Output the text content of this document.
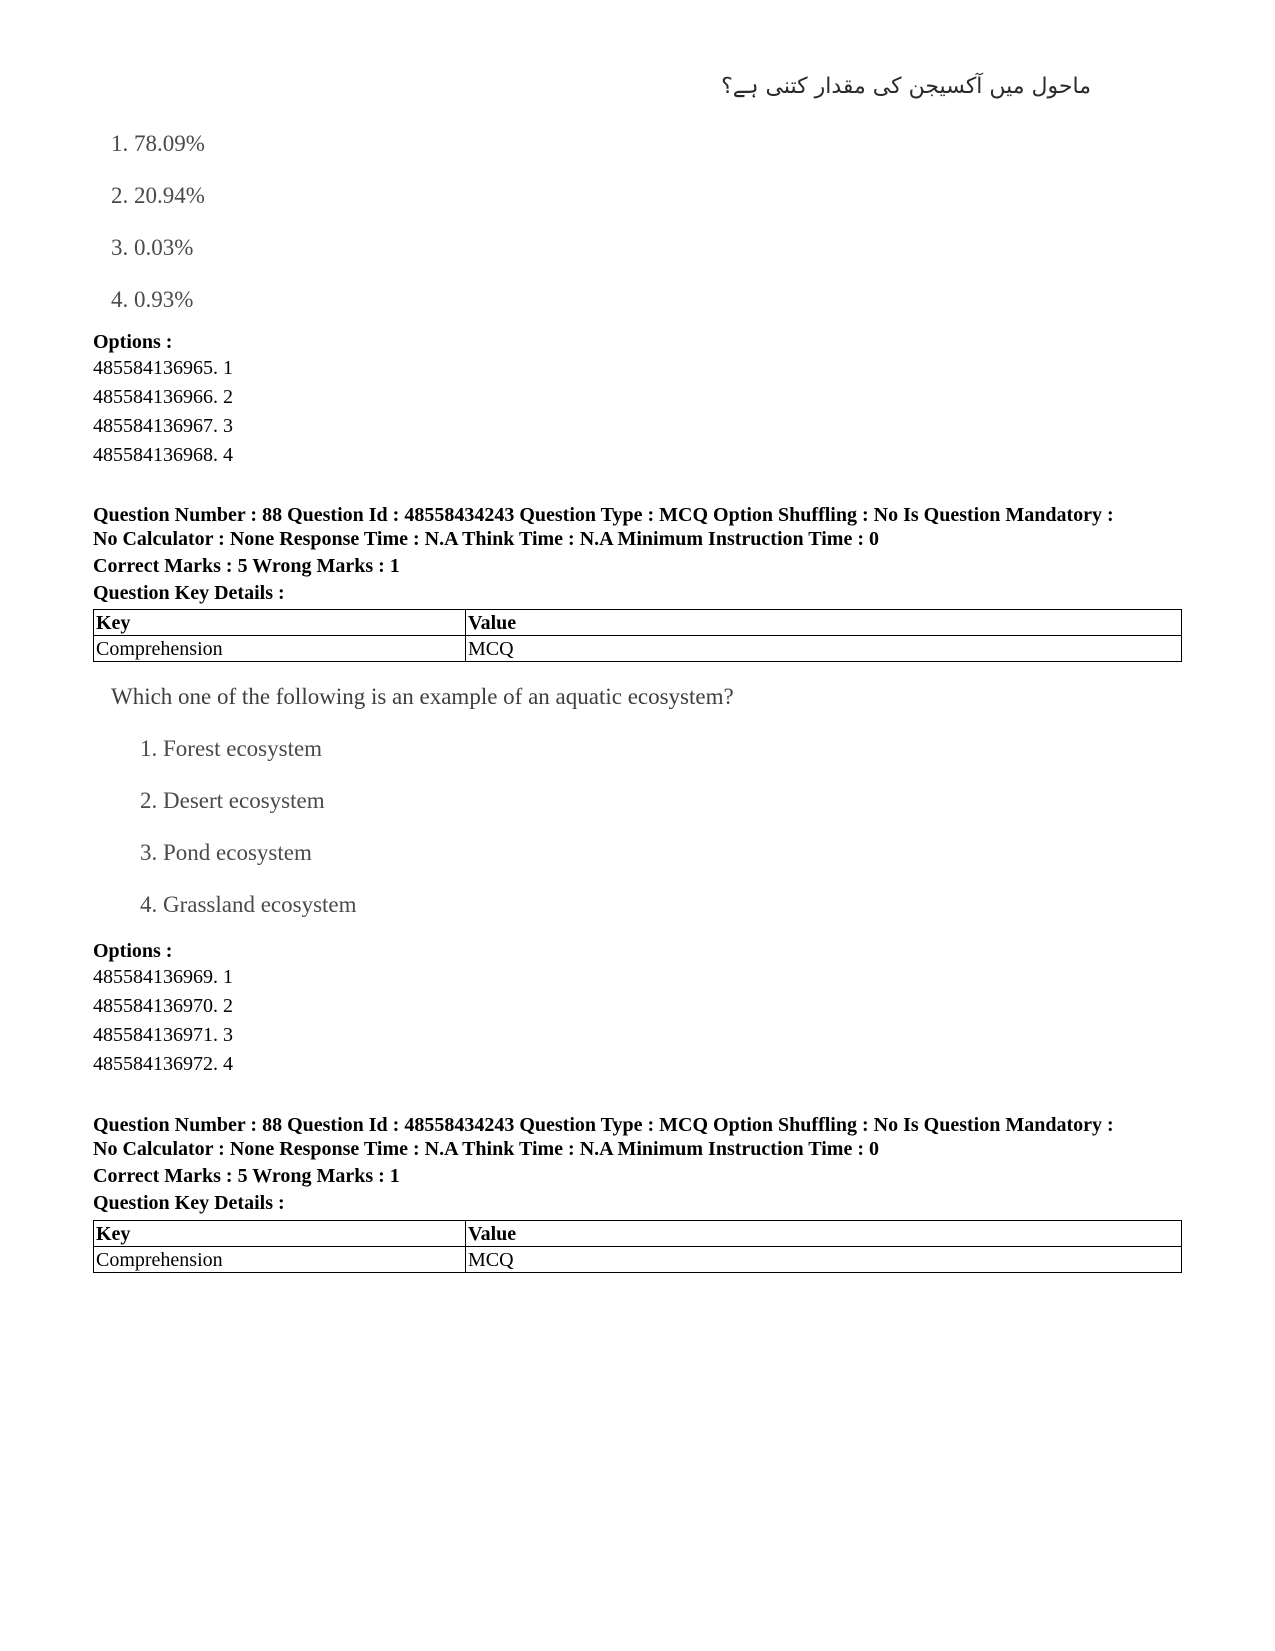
ماحول میں آکسیجن کی مقدار کتنی ہے؟
1. 78.09%
2. 20.94%
3. 0.03%
4. 0.93%
Options :
485584136965. 1
485584136966. 2
485584136967. 3
485584136968. 4
Question Number : 88 Question Id : 48558434243 Question Type : MCQ Option Shuffling : No Is Question Mandatory :
No Calculator : None Response Time : N.A Think Time : N.A Minimum Instruction Time : 0
Correct Marks : 5 Wrong Marks : 1
Question Key Details :
Key	Value
Comprehension	MCQ
Which one of the following is an example of an aquatic ecosystem?
1. Forest ecosystem
2. Desert ecosystem
3. Pond ecosystem
4. Grassland ecosystem
Options :
485584136969. 1
485584136970. 2
485584136971. 3
485584136972. 4
Question Number : 88 Question Id : 48558434243 Question Type : MCQ Option Shuffling : No Is Question Mandatory :
No Calculator : None Response Time : N.A Think Time : N.A Minimum Instruction Time : 0
Correct Marks : 5 Wrong Marks : 1
Question Key Details :
Key	Value
Comprehension	MCQ
